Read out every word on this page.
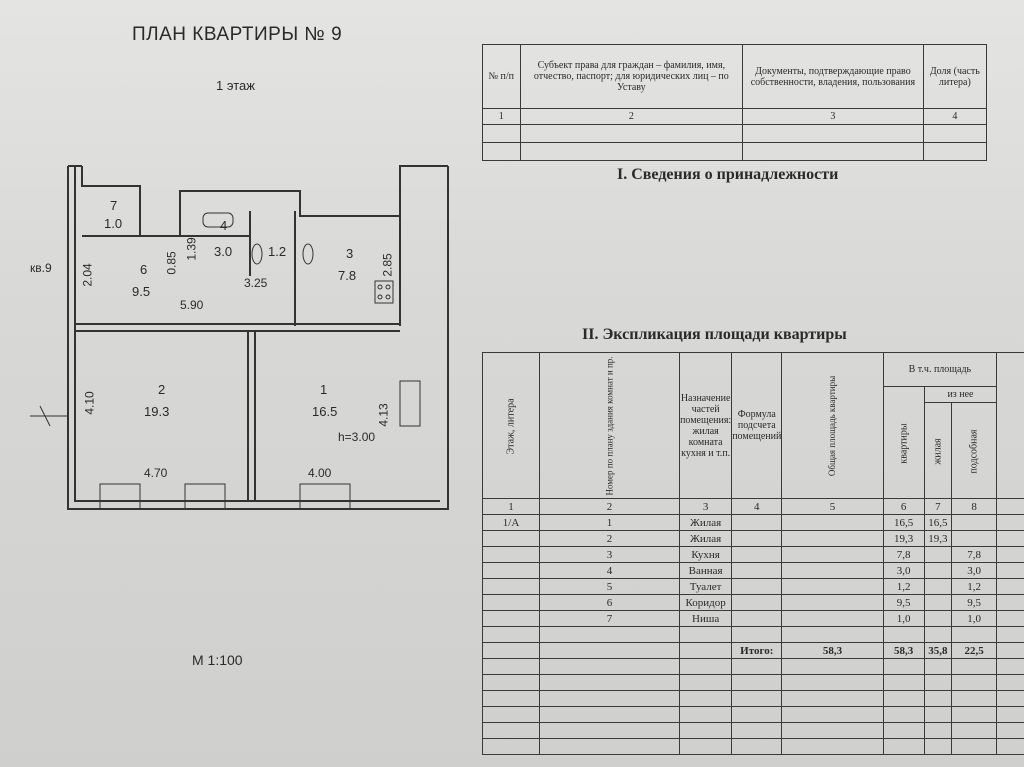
ПЛАН КВАРТИРЫ № 9
1 этаж
7
1.0	4
3.0	1.2	3
7.8
6
9.5
2
19.3
1
16.5
кв.9 2.04
0.85
1.39
3.25
2.85
5.90
4.10
4.13
h=3.00
4.70	4.00
М 1:100
№ п/п	Субъект права для граждан – фамилия, имя, отчество, паспорт; для юридических лиц – по Уставу	Документы, подтверждающие право собственности, владения, пользования	Доля (часть литера)
1	2	3	4

I. Сведения о принадлежности
II. Экспликация площади квартиры
Этаж, литера	Номер по плану здания комнат и пр.	Назначение частей помещения: жилая комната кухня и т.п.	Формула подсчета помещений	Общая площадь квартиры	В т.ч. площадь			
					квартиры	из нее				
						жилая	подсобная			
1	2	3	4	5	6	7	8			
1/А	1	Жилая			16,5	16,5				
	2	Жилая			19,3	19,3				
	3	Кухня			7,8		7,8			
	4	Ванная			3,0		3,0			
	5	Туалет			1,2		1,2			
	6	Коридор			9,5		9,5			
	7	Ниша			1,0		1,0			

			Итого:	58,3	58,3	35,8	22,5			
